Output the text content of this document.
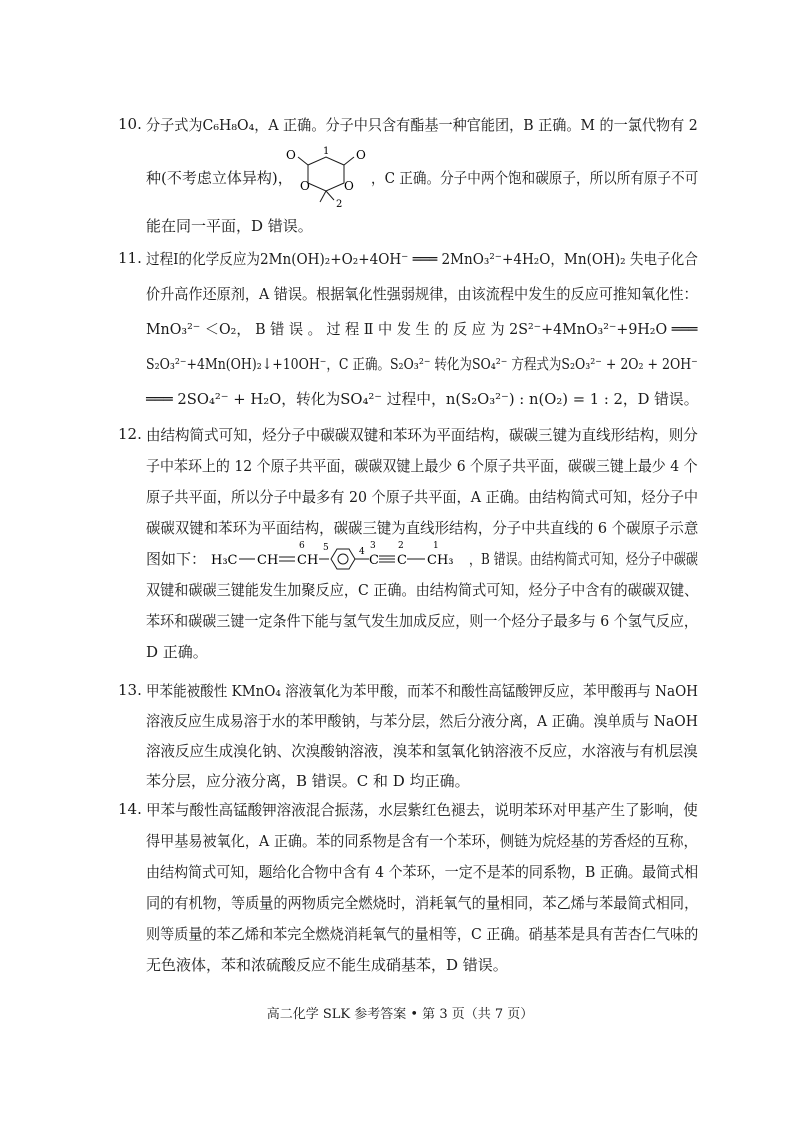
10. 分子式为C₆H₈O₄，A 正确。分子中只含有酯基一种官能团，B 正确。M 的一氯代物有 2
种(不考虑立体异构)，
O	1 O
O	O
2
，C 正确。分子中两个饱和碳原子，所以所有原子不可
能在同一平面，D 错误。
11. 过程Ⅰ的化学反应为2Mn(OH)₂+O₂+4OH⁻ ═══ 2MnO₃²⁻+4H₂O，Mn(OH)₂ 失电子化合
价升高作还原剂，A 错误。根据氧化性强弱规律，由该流程中发生的反应可推知氧化性：
MnO₃²⁻ ＜O₂， B 错 误 。 过 程 Ⅱ 中 发 生 的 反 应 为 2S²⁻+4MnO₃²⁻+9H₂O ═══
S₂O₃²⁻+4Mn(OH)₂↓+10OH⁻，C 正确。S₂O₃²⁻ 转化为SO₄²⁻ 方程式为S₂O₃²⁻ + 2O₂ + 2OH⁻
═══ 2SO₄²⁻ + H₂O，转化为SO₄²⁻ 过程中，n(S₂O₃²⁻) : n(O₂) = 1 : 2，D 错误。
12. 由结构简式可知，烃分子中碳碳双键和苯环为平面结构，碳碳三键为直线形结构，则分
子中苯环上的 12 个原子共平面，碳碳双键上最少 6 个原子共平面，碳碳三键上最少 4 个
原子共平面，所以分子中最多有 20 个原子共平面，A 正确。由结构简式可知，烃分子中
碳碳双键和苯环为平面结构，碳碳三键为直线形结构，分子中共直线的 6 个碳原子示意
图如下： H₃C CH CH
6 5	4
C
3
C
2
CH₃
1
，B 错误。由结构简式可知，烃分子中碳碳
双键和碳碳三键能发生加聚反应，C 正确。由结构简式可知，烃分子中含有的碳碳双键、
苯环和碳碳三键一定条件下能与氢气发生加成反应，则一个烃分子最多与 6 个氢气反应，
D 正确。
13. 甲苯能被酸性 KMnO₄ 溶液氧化为苯甲酸，而苯不和酸性高锰酸钾反应，苯甲酸再与 NaOH
溶液反应生成易溶于水的苯甲酸钠，与苯分层，然后分液分离，A 正确。溴单质与 NaOH
溶液反应生成溴化钠、次溴酸钠溶液，溴苯和氢氧化钠溶液不反应，水溶液与有机层溴
苯分层，应分液分离，B 错误。C 和 D 均正确。
14. 甲苯与酸性高锰酸钾溶液混合振荡，水层紫红色褪去，说明苯环对甲基产生了影响，使
得甲基易被氧化，A 正确。苯的同系物是含有一个苯环，侧链为烷烃基的芳香烃的互称，
由结构简式可知，题给化合物中含有 4 个苯环，一定不是苯的同系物，B 正确。最简式相
同的有机物，等质量的两物质完全燃烧时，消耗氧气的量相同，苯乙烯与苯最简式相同，
则等质量的苯乙烯和苯完全燃烧消耗氧气的量相等，C 正确。硝基苯是具有苦杏仁气味的
无色液体，苯和浓硫酸反应不能生成硝基苯，D 错误。
高二化学 SLK 参考答案 • 第 3 页（共 7 页）
